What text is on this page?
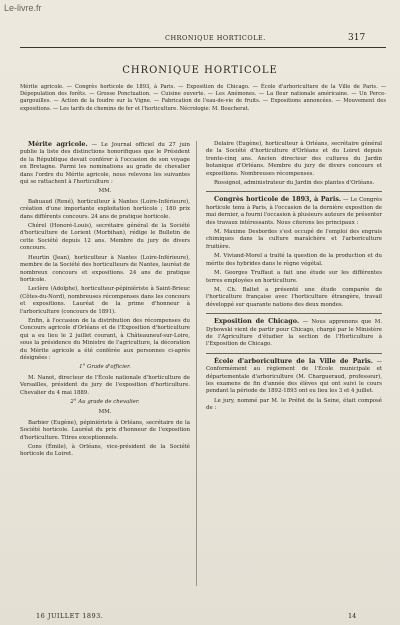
Le-livre.fr
CHRONIQUE HORTICOLE.	317
CHRONIQUE HORTICOLE
Mérite agricole. — Congrès horticole de 1893, à Paris. — Exposition de Chicago. — École d'arboriculture de la Ville de Paris. — Dépopulation des forêts. — Grosse Ponctuation. — Cuisine ouverte. — Les Anémones. — La fleur nationale américaine. — Un Perce-gargouilles. — Action de la foudre sur la Vigne. — Fabrication de l'eau-de-vie de fruits. — Expositions annoncées. — Mouvement des expositions. — Les tarifs de chemins de fer et l'horticulture. Nécrologie: M. Boucherat.

Mérite agricole. — Le Journal officiel du 27 juin publie la liste des distinctions honorifiques que le Président de la République devait conférer à l'occasion de son voyage en Bretagne. Parmi les nominations au grade de chevalier dans l'ordre du Mérite agricole, nous relevons les suivantes qui se rattachent à l'horticulture :

MM.

Bahuaud (René), horticulteur à Nantes (Loire-Inférieure), création d'une importante exploitation horticole ; 180 prix dans différents concours. 24 ans de pratique horticole.

Chérel (Honoré-Louis), secrétaire général de la Société d'horticulture de Lorient (Morbihan), rédige le Bulletin de cette Société depuis 12 ans. Membre du jury de divers concours.

Heurtin (Jean), horticulteur à Nantes (Loire-Inférieure), membre de la Société des horticulteurs de Nantes, lauréat de nombreux concours et expositions. 24 ans de pratique horticole.

Leclère (Adolphe), horticulteur-pépiniériste à Saint-Brieuc (Côtes-du-Nord), nombreuses récompenses dans les concours et expositions. Lauréat de la prime d'honneur à l'arboriculture (concours de 1891).

Enfin, à l'occasion de la distribution des récompenses du Concours agricole d'Orléans et de l'Exposition d'horticulture qui a eu lieu le 2 juillet courant, à Châteauneuf-sur-Loire, sous la présidence du Ministre de l'agriculture, la décoration du Mérite agricole a été conférée aux personnes ci-après désignées :

1° Grade d'officier.

M. Nanot, directeur de l'École nationale d'horticulture de Versailles, président du jury de l'exposition d'horticulture. Chevalier du 4 mai 1889.

2° Au grade de chevalier.

MM.

Barbier (Eugène), pépiniériste à Orléans, secrétaire de la Société horticole. Lauréat du prix d'honneur de l'exposition d'horticulture. Titres exceptionnels.

Cons (Émile), à Orléans, vice-président de la Société horticole du Loiret.

Delaire (Eugène), horticulteur à Orléans, secrétaire général de la Société d'horticulture d'Orléans et du Loiret depuis trente-cinq ans. Ancien directeur des cultures du Jardin botanique d'Orléans. Membre du jury de divers concours et expositions. Nombreuses récompenses.

Rossignol, administrateur du Jardin des plantes d'Orléans.

Congrès horticole de 1893, à Paris. — Le Congrès horticole tenu à Paris, à l'occasion de la dernière exposition de mai dernier, a fourni l'occasion à plusieurs auteurs de présenter des travaux intéressants. Nous citerons les principaux :

M. Maxime Desbordes s'est occupé de l'emploi des engrais chimiques dans la culture maraîchère et l'arboriculture fruitière.

M. Viviand-Morel a traité la question de la production et du mérite des hybrides dans le règne végétal.

M. Georges Truffaut a fait une étude sur les différentes terres employées en horticulture.

M. Ch. Baltet a présenté une étude comparée de l'horticulture française avec l'horticulture étrangère, travail développé sur quarante nations des deux mondes.

Exposition de Chicago. — Nous apprenons que M. Dybowski vient de partir pour Chicago, chargé par le Ministère de l'Agriculture d'étudier la section de l'Horticulture à l'Exposition de Chicago.

École d'arboriculture de la Ville de Paris. — Conformément au règlement de l'École municipale et départementale d'arboriculture (M. Chargueraud, professeur), les examens de fin d'année des élèves qui ont suivi le cours pendant la période de 1892-1893 ont eu lieu les 3 et 4 juillet.

Le jury, nommé par M. le Préfet de la Seine, était composé de :

16 JUILLET 1893.	14
